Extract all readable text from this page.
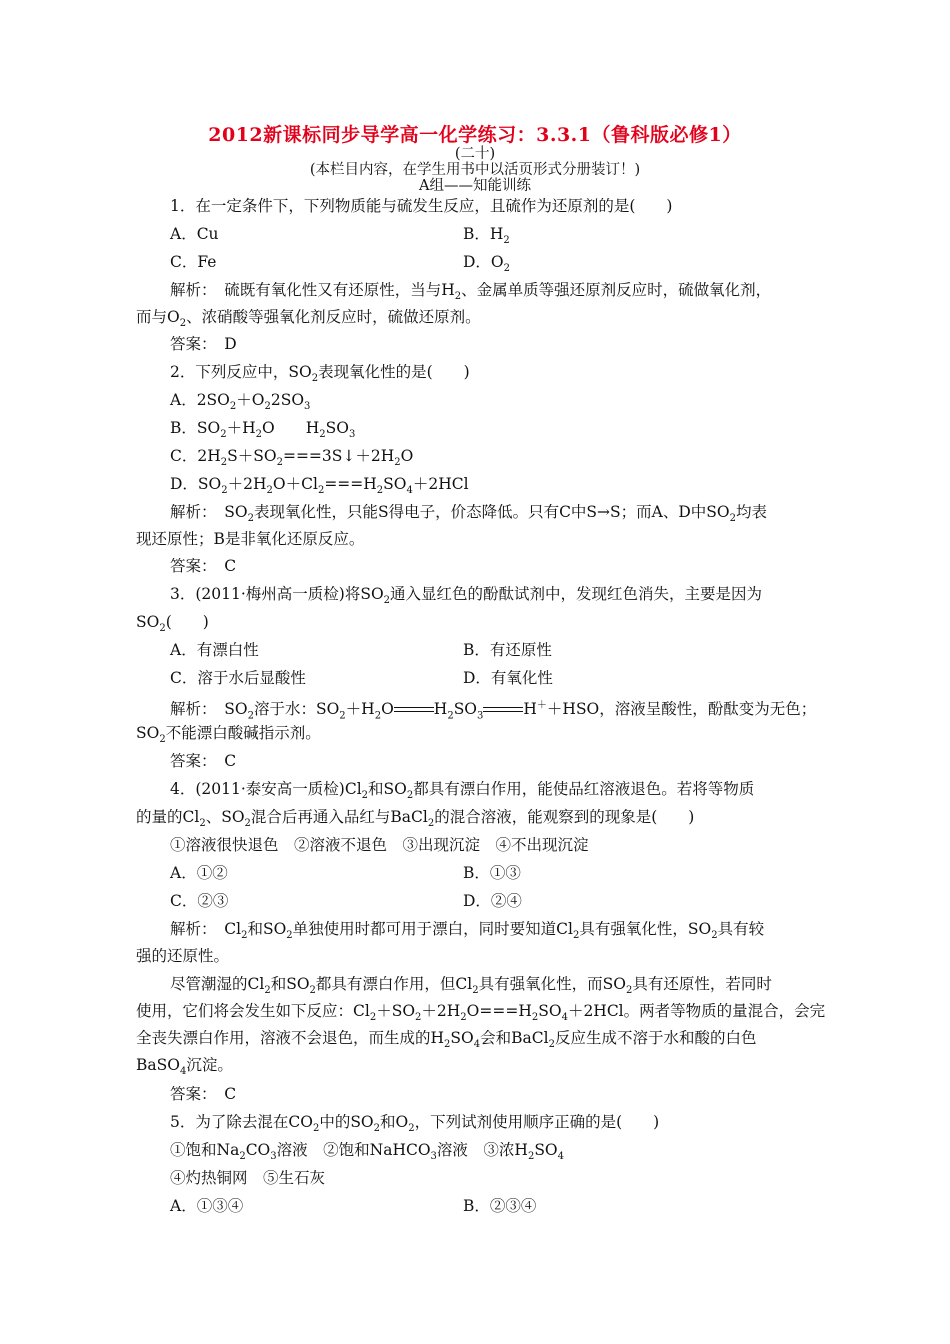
2012新课标同步导学高一化学练习：3.3.1（鲁科版必修1）
(二十)
(本栏目内容，在学生用书中以活页形式分册装订！)
A组——知能训练
1．在一定条件下，下列物质能与硫发生反应，且硫作为还原剂的是(　　)
A．Cu	B．$H_2$
C．Fe	D．$O_2$
解析：　硫既有氧化性又有还原性，当与$H_2$、金属单质等强还原剂反应时，硫做氧化剂，
而与$O_2$、浓硝酸等强氧化剂反应时，硫做还原剂。
答案：　D
2．下列反应中，$SO_2$表现氧化性的是(　　)
A．$2SO_2+O_22SO_3$
B．$SO_2+H_2O$　　$H_2SO_3$
C．$2H_2S+SO_2===3S↓+2H_2O$
D．$SO_2+2H_2O+Cl_2===H_2SO_4+2HCl$
解析：　$SO_2$表现氧化性，只能S得电子，价态降低。只有C中S→S；而A、D中$SO_2$均表
现还原性；B是非氧化还原反应。
答案：　C
3．(2011·梅州高一质检)将$SO_2$通入显红色的酚酞试剂中，发现红色消失，主要是因为
$SO_2$(　　)
A．有漂白性	B．有还原性
C．溶于水后显酸性	D．有氧化性
解析：　$SO_2$溶于水：$SO_2+H_2O$	$H_2SO_3$	H＋＋HSO，溶液呈酸性，酚酞变为无色；
$SO_2$不能漂白酸碱指示剂。
答案：　C
4．(2011·泰安高一质检)$Cl_2$和$SO_2$都具有漂白作用，能使品红溶液退色。若将等物质
的量的$Cl_2$、$SO_2$混合后再通入品红与BaCl$_2$的混合溶液，能观察到的现象是(　　)
①溶液很快退色　②溶液不退色　③出现沉淀　④不出现沉淀
A．①②	B．①③
C．②③	D．②④
解析：　$Cl_2$和$SO_2$单独使用时都可用于漂白，同时要知道$Cl_2$具有强氧化性，$SO_2$具有较
强的还原性。
尽管潮湿的$Cl_2$和$SO_2$都具有漂白作用，但$Cl_2$具有强氧化性，而$SO_2$具有还原性，若同时
使用，它们将会发生如下反应：$Cl_2+SO_2+2H_2O===H_2SO_4+2HCl$。两者等物质的量混合，会完
全丧失漂白作用，溶液不会退色，而生成的$H_2SO_4$会和BaCl$_2$反应生成不溶于水和酸的白色
BaSO$_4$沉淀。
答案：　C
5．为了除去混在$CO_2$中的$SO_2$和$O_2$，下列试剂使用顺序正确的是(　　)
①饱和$Na_2CO_3$溶液　②饱和NaHCO$_3$溶液　③浓$H_2SO_4$
④灼热铜网　⑤生石灰
A．①③④	B．②③④
